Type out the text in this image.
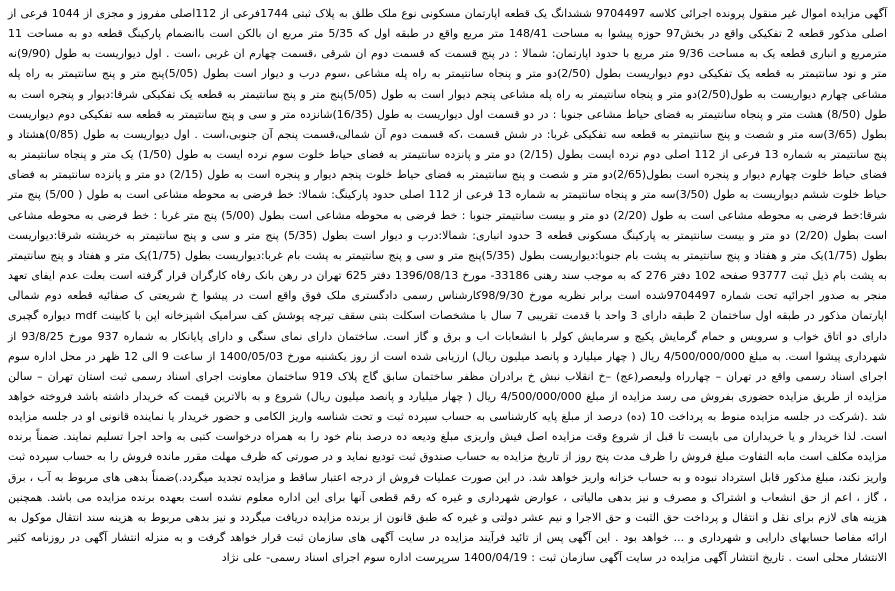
آگهی مزایده اموال غیر منقول پرونده اجرائی کلاسه 9704497 ششدانگ یک قطعه اپارتمان مسکونی نوع ملک طلق به پلاک ثبتی 1744فرعی از 112اصلی مفروز و مجزی از 1044 فرعی از اصلی مذکور قطعه 2 تفکیکی واقع در بخش97 حوزه پیشوا به مساحت 148/41 متر مربع واقع در طبقه اول که 5/35 متر مربع ان بالکن است باانضمام پارکینگ قطعه دو به مساحت 11 مترمربع و انباری قطعه یک به مساحت 9/36 متر مربع با حدود اپارتمان: شمالا : در پنج قسمت که قسمت دوم ان شرقی ،قسمت چهارم ان غربی ،است . اول دیواریست به طول (9/90)نه متر و نود سانتیمتر به قطعه یک تفکیکی دوم دیواریست بطول (2/50)دو متر و پنجاه سانتیمتر به راه پله مشاعی ،سوم درب و دیوار است بطول (5/05)پنج متر و پنج سانتیمتر به راه پله مشاعی چهارم دیواریست به طول(2/50)دو متر و پنجاه سانتیمتر به راه پله مشاعی پنجم دیوار است به طول (5/05)پنج متر و پنج سانتیمتر به قطعه یک تفکیکی شرقا:دیوار و پنجره است به طول (8/50) هشت متر و پنجاه سانتیمتر به فضای حیاط مشاعی جنوبا : در دو قسمت اول دیواریست به طول (16/35)شانزده متر و سی و پنج سانتیمتر به قطعه سه تفکیکی دوم دیواریست بطول (3/65)سه متر و شصت و پنج سانتیمتر به قطعه سه تفکیکی غربا: در شش قسمت ،که قسمت دوم آن شمالی،قسمت پنجم آن جنوبی،است . اول دیواریست به طول (0/85)هشتاد و پنج سانتیمتر به شماره 13 فرعی از 112 اصلی دوم نرده ایست بطول (2/15) دو متر و پانزده سانتیمتر به فضای حیاط خلوت سوم نرده ایست به طول (1/50) یک متر و پنجاه سانتیمتر به فضای حیاط خلوت چهارم دیوار و پنجره است بطول(2/65)دو متر و شصت و پنج سانتیمتر به فضای حیاط خلوت پنجم دیوار و پنجره است به طول (2/15) دو متر و پانزده سانتیمتر به فضای حیاط خلوت ششم دیواریست به طول (3/50)سه متر و پنجاه سانتیمتر به شماره 13 فرعی از 112 اصلی حدود پارکینگ: شمالا: خط فرضی به محوطه مشاعی است به طول ( 5/00) پنج متر شرقا:خط فرضی به محوطه مشاعی است به طول (2/20) دو متر و بیست سانتیمتر جنوبا : خط فرضی به محوطه مشاعی است بطول (5/00) پنج متر غربا : خط فرضی به محوطه مشاعی است بطول (2/20) دو متر و بیست سانتیمتر به پارکینگ مسکونی قطعه 3 حدود انباری: شمالا:درب و دیوار است بطول (5/35) پنج متر و سی و پنج سانتیمتر به خریشته شرقا:دیواریست بطول (1/75)یک متر و هفتاد و پنج سانتیمتر به پشت بام جنوبا:دیواریست بطول (5/35)پنج متر و سی و پنج سانتیمتر به پشت بام غربا:دیواریست بطول (1/75)یک متر و هفتاد و پنج سانتیمتر به پشت بام ذیل ثبت 93777 صفحه 102 دفتر 276 که به موجب سند رهنی 33186- مورخ 1396/08/13 دفتر 625 تهران در رهن بانک رفاه کارگران قرار گرفته است بعلت عدم ایفای تعهد منجر به صدور اجرائیه تحت شماره 9704497شده است برابر نظریه مورخ 98/9/30کارشناس رسمی دادگستری ملک فوق واقع است در پیشوا خ شریعتی ک صفائیه قطعه دوم شمالی اپارتمان مذکور در طبقه اول ساختمان 2 طبقه دارای 3 واحد با قدمت تقریبی 7 سال با مشخصات اسکلت بتنی سقف تیرچه پوشش کف سرامیک اشپزخانه اپن با کابینت mdf دیواره گچبری دارای دو اتاق خواب و سرویس و حمام گرمایش پکیج و سرمایش کولر با انشعابات اب و برق و گاز است. ساختمان دارای نمای سنگی و دارای پایانکار به شماره 937 مورخ 93/8/25 از شهرداری پیشوا است. به مبلغ 4/500/000/000 ریال ( چهار میلیارد و پانصد میلیون ریال) ارزیابی شده است از روز یکشنبه مورخ 1400/05/03 از ساعت 9 الی 12 ظهر در محل اداره سوم اجرای اسناد رسمی واقع در تهران – چهارراه ولیعصر(عج) –خ انقلاب نبش خ برادران مظفر ساختمان سابق گاج پلاک 919 ساختمان معاونت اجرای اسناد رسمی ثبت استان تهران – سالن مزایده از طریق مزایده حضوری بفروش می رسد مزایده از مبلغ 4/500/000/000 ریال ( چهار میلیارد و پانصد میلیون ریال) شروع و به بالاترین قیمت که خریدار داشته باشد فروخته خواهد شد .(شرکت در جلسه مزایده منوط به پرداخت 10 (ده) درصد از مبلغ پایه کارشناسی به حساب سپرده ثبت و تحت شناسه واریز الکامی و حضور خریدار یا نماینده قانونی او در جلسه مزایده است. لذا خریدار و یا خریداران می بایست تا قبل از شروع وقت مزایده اصل فیش واریزی مبلغ ودیعه ده درصد بنام خود را به همراه درخواست کتبی به واحد اجرا تسلیم نمایند. ضمناً برنده مزایده مکلف است مابه التفاوت مبلغ فروش را ظرف مدت پنج روز از تاریخ مزایده به حساب صندوق ثبت تودیع نماید و در صورتی که ظرف مهلت مقرر مانده فروش را به حساب سپرده ثبت واریز نکند، مبلغ مذکور قابل استرداد نبوده و به حساب خزانه واریز خواهد شد. در این صورت عملیات فروش از درجه اعتبار ساقط و مزایده تجدید میگردد.)ضمناً بدهی های مربوط به آب ، برق ، گاز ، اعم از حق انشعاب و اشتراک و مصرف و نیز بدهی مالیاتی ، عوارض شهرداری و غیره که رقم قطعی آنها برای این اداره معلوم نشده است بعهده برنده مزایده می باشد. همچنین هزینه های لازم برای نقل و انتقال و پرداخت حق الثبت و حق الاجرا و نیم عشر دولتی و غیره که طبق قانون از برنده مزایده دریافت میگردد و نیز بدهی مربوط به هزینه سند انتقال موکول به ارائه مفاصا حسابهای دارایی و شهرداری و ... خواهد بود . این آگهی پس از تائید فرآیند مزایده در سایت آگهی های سازمان ثبت قرار خواهد گرفت و به منزله انتشار آگهی در روزنامه کثیر الانتشار محلی است . تاریخ انتشار آگهی مزایده در سایت آگهی سازمان ثبت : 1400/04/19 سرپرست اداره سوم اجرای اسناد رسمی- علی نژاد
